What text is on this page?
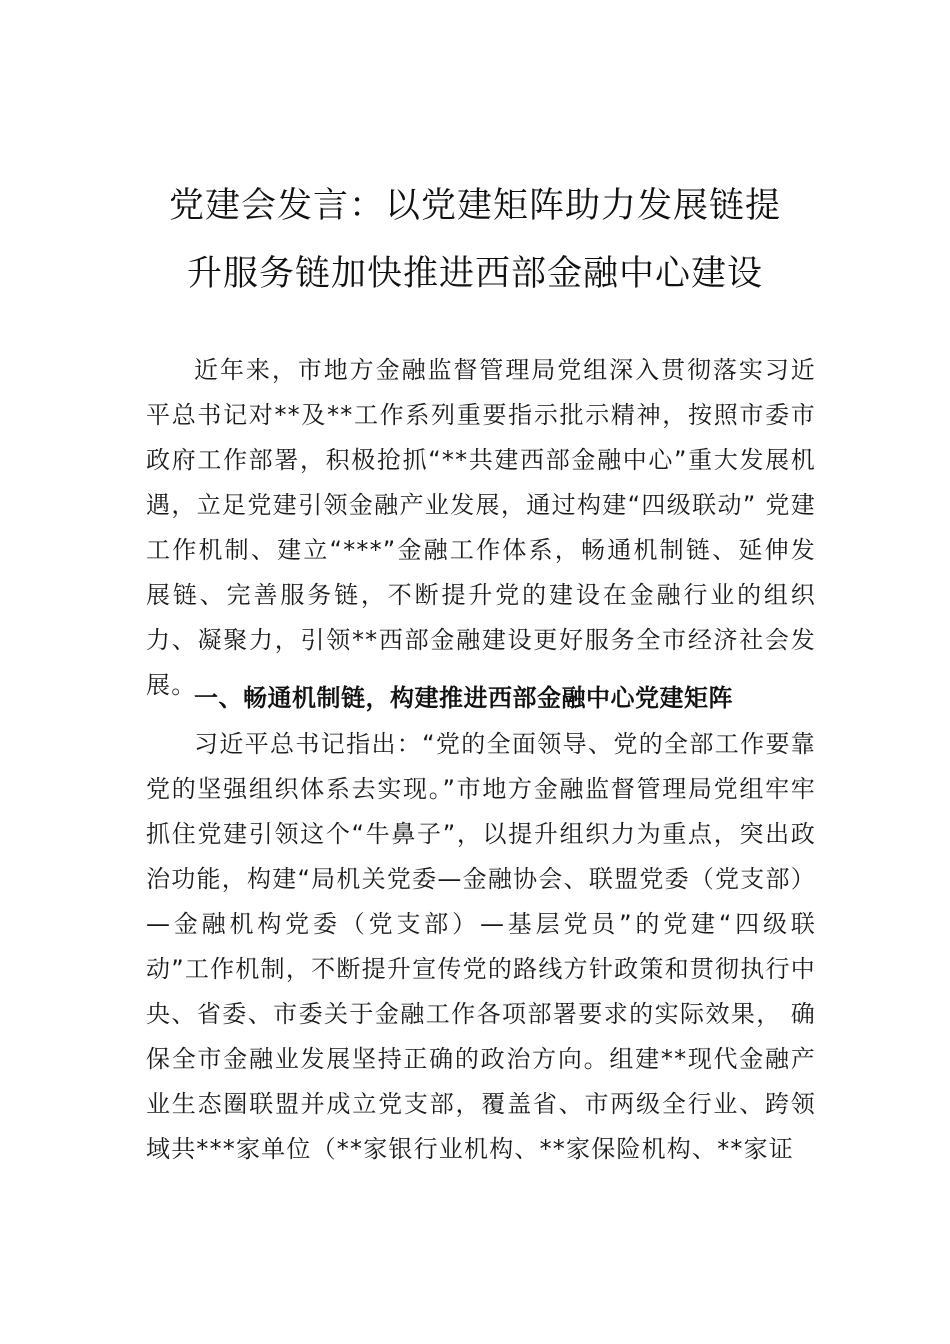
党建会发言：以党建矩阵助力发展链提
升服务链加快推进西部金融中心建设
近年来，市地方金融监督管理局党组深入贯彻落实习近平总书记对**及**工作系列重要指示批示精神，按照市委市政府工作部署，积极抢抓“**共建西部金融中心”重大发展机遇，立足党建引领金融产业发展，通过构建“四级联动” 党建工作机制、建立“***”金融工作体系，畅通机制链、延伸发展链、完善服务链，不断提升党的建设在金融行业的组织力、凝聚力，引领**西部金融建设更好服务全市经济社会发展。
一、畅通机制链，构建推进西部金融中心党建矩阵
习近平总书记指出：“党的全面领导、党的全部工作要靠党的坚强组织体系去实现。”市地方金融监督管理局党组牢牢抓住党建引领这个“牛鼻子”，以提升组织力为重点，突出政治功能，构建“局机关党委—金融协会、联盟党委（党支部）—金融机构党委（党支部）—基层党员”的党建“四级联动”工作机制，不断提升宣传党的路线方针政策和贯彻执行中央、省委、市委关于金融工作各项部署要求的实际效果， 确保全市金融业发展坚持正确的政治方向。组建**现代金融产业生态圈联盟并成立党支部，覆盖省、市两级全行业、跨领域共***家单位（**家银行业机构、**家保险机构、**家证
